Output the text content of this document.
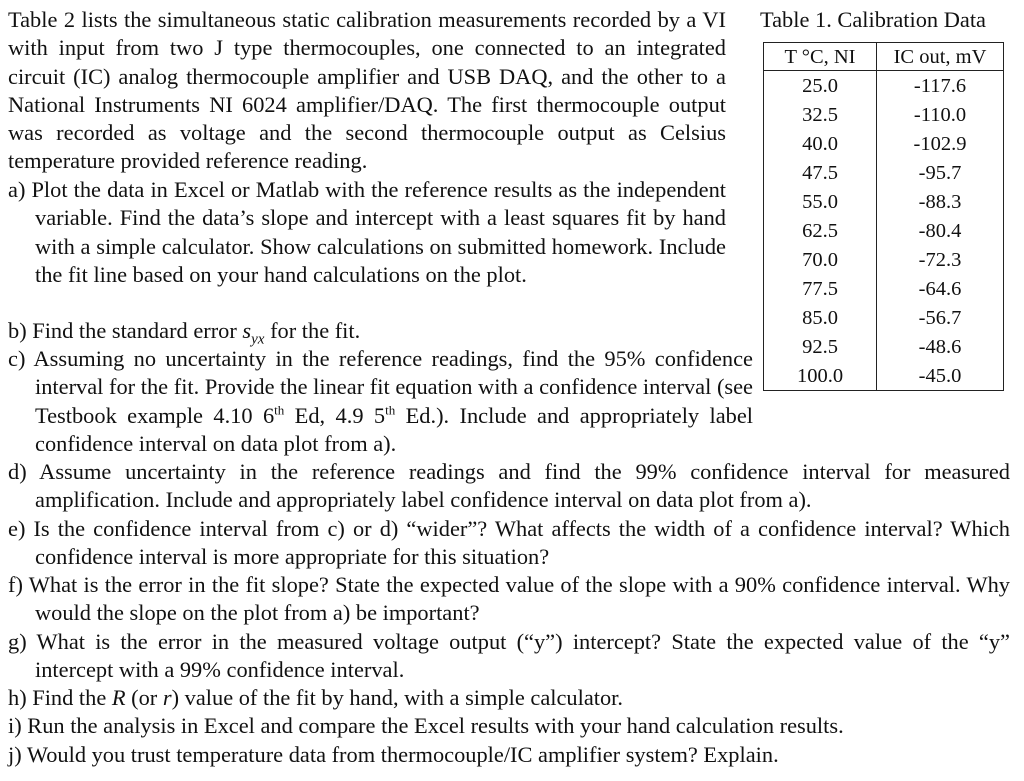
Table 2 lists the simultaneous static calibration measurements recorded by a VI with input from two J type thermocouples, one connected to an integrated circuit (IC) analog thermocouple amplifier and USB DAQ, and the other to a National Instruments NI 6024 amplifier/DAQ. The first thermocouple output was recorded as voltage and the second thermocouple output as Celsius temperature provided reference reading.

a) Plot the data in Excel or Matlab with the reference results as the independent variable. Find the data’s slope and intercept with a least squares fit by hand with a simple calculator. Show calculations on submitted homework. Include the fit line based on your hand calculations on the plot.

b) Find the standard error $s_{yx}$ for the fit.

c) Assuming no uncertainty in the reference readings, find the 95% confidence interval for the fit. Provide the linear fit equation with a confidence interval (see Testbook example 4.10 6th Ed, 4.9 5th Ed.). Include and appropriately label confidence interval on data plot from a).

d) Assume uncertainty in the reference readings and find the 99% confidence interval for measured amplification. Include and appropriately label confidence interval on data plot from a).

e) Is the confidence interval from c) or d) “wider”? What affects the width of a confidence interval? Which confidence interval is more appropriate for this situation?

f) What is the error in the fit slope? State the expected value of the slope with a 90% confidence interval. Why would the slope on the plot from a) be important?

g) What is the error in the measured voltage output (“y”) intercept? State the expected value of the “y” intercept with a 99% confidence interval.

h) Find the R (or r) value of the fit by hand, with a simple calculator.

i) Run the analysis in Excel and compare the Excel results with your hand calculation results.

j) Would you trust temperature data from thermocouple/IC amplifier system? Explain.

Table 1. Calibration Data

T °C, NI	IC out, mV
25.0	-117.6
32.5	-110.0
40.0	-102.9
47.5	-95.7
55.0	-88.3
62.5	-80.4
70.0	-72.3
77.5	-64.6
85.0	-56.7
92.5	-48.6
100.0	-45.0
